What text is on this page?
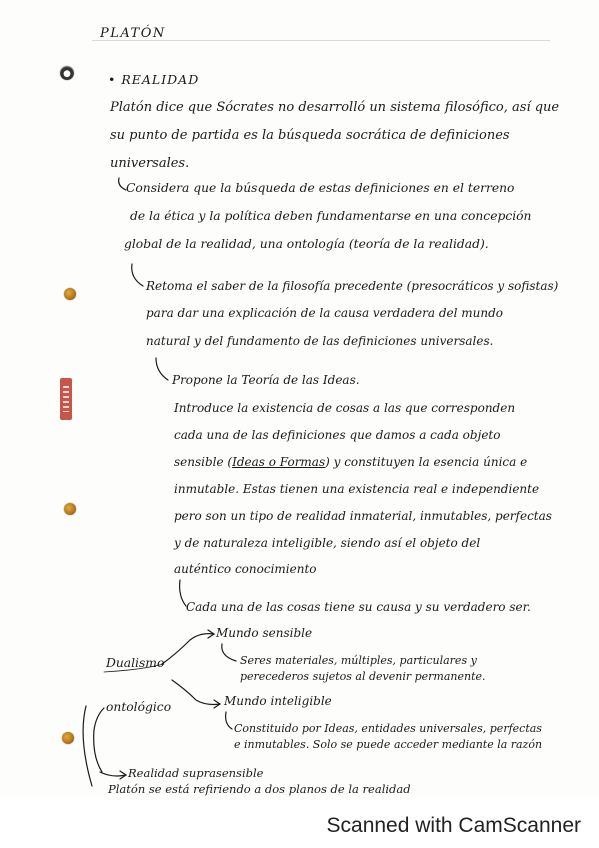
PLATÓN
• REALIDAD
Platón dice que Sócrates no desarrolló un sistema filosófico, así que
su punto de partida es la búsqueda socrática de definiciones
universales.
Considera que la búsqueda de estas definiciones en el terreno
de la ética y la política deben fundamentarse en una concepción
global de la realidad, una ontología (teoría de la realidad).
Retoma el saber de la filosofía precedente (presocráticos y sofistas)
para dar una explicación de la causa verdadera del mundo
natural y del fundamento de las definiciones universales.
Propone la Teoría de las Ideas.
Introduce la existencia de cosas a las que corresponden
cada una de las definiciones que damos a cada objeto
sensible (Ideas o Formas) y constituyen la esencia única e
inmutable. Estas tienen una existencia real e independiente
pero son un tipo de realidad inmaterial, inmutables, perfectas
y de naturaleza inteligible, siendo así el objeto del
auténtico conocimiento
Cada una de las cosas tiene su causa y su verdadero ser.
Dualismo
ontológico
Mundo sensible
Seres materiales, múltiples, particulares y
perecederos sujetos al devenir permanente.
Mundo inteligible
Constituido por Ideas, entidades universales, perfectas
e inmutables. Solo se puede acceder mediante la razón
Realidad suprasensible
Platón se está refiriendo a dos planos de la realidad
Scanned with CamScanner
